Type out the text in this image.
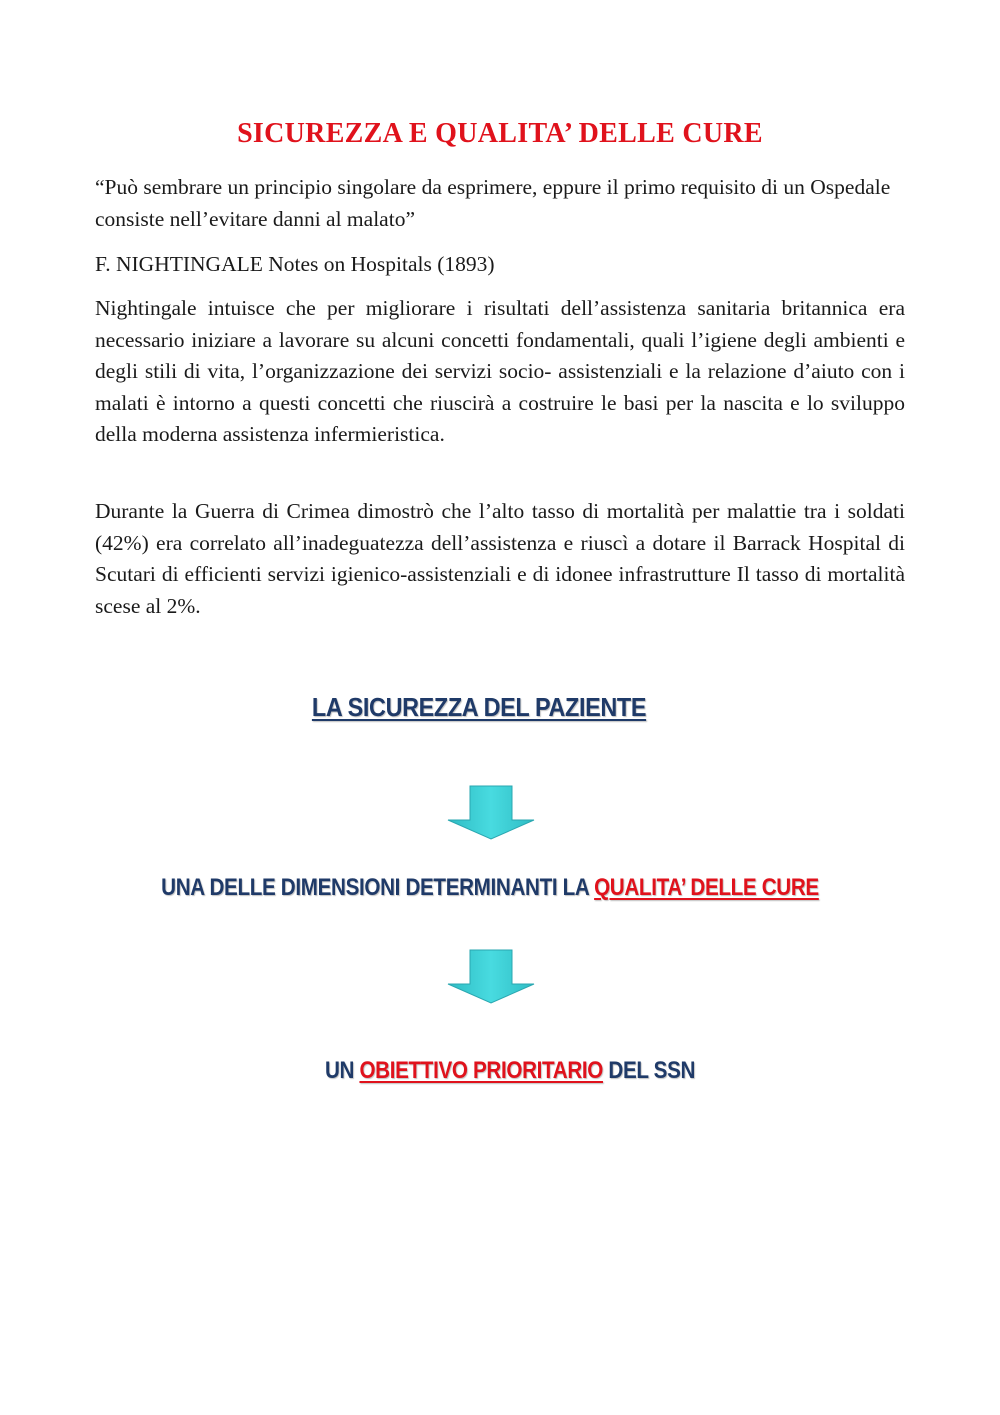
SICUREZZA E QUALITA’ DELLE CURE

“Può sembrare un principio singolare da esprimere, eppure il primo requisito di un Ospedale consiste nell’evitare danni al malato”

F. NIGHTINGALE Notes on Hospitals (1893)

Nightingale intuisce che per migliorare i risultati dell’assistenza sanitaria britannica era necessario iniziare a lavorare su alcuni concetti fondamentali, quali l’igiene degli ambienti e degli stili di vita, l’organizzazione dei servizi socio- assistenziali e la relazione d’aiuto con i malati è intorno a questi concetti che riuscirà a costruire le basi per la nascita e lo sviluppo della moderna assistenza infermieristica.

Durante la Guerra di Crimea dimostrò che l’alto tasso di mortalità per malattie tra i soldati (42%) era correlato all’inadeguatezza dell’assistenza e riuscì a dotare il Barrack Hospital di Scutari di efficienti servizi igienico-assistenziali e di idonee infrastrutture Il tasso di mortalità scese al 2%.

LA SICUREZZA DEL PAZIENTE
UNA DELLE DIMENSIONI DETERMINANTI LA QUALITA’ DELLE CURE
UN OBIETTIVO PRIORITARIO DEL SSN
